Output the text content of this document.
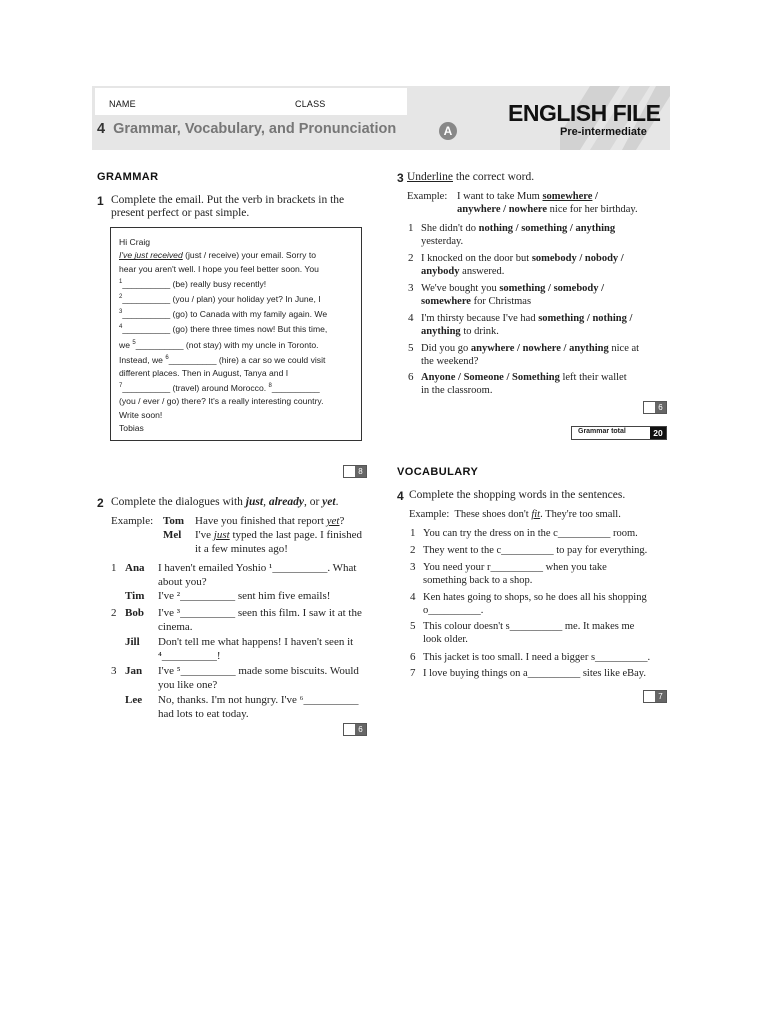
NAME	CLASS
4 Grammar, Vocabulary, and Pronunciation	A
ENGLISH FILE
Pre-intermediate
GRAMMAR
1 Complete the email. Put the verb in brackets in the
present perfect or past simple.
Hi Craig
I've just received (just / receive) your email. Sorry to
hear you aren't well. I hope you feel better soon. You
$^1$__________ (be) really busy recently!
$^2$__________ (you / plan) your holiday yet? In June, I
$^3$__________ (go) to Canada with my family again. We
$^4$__________ (go) there three times now! But this time,
we $^5$__________ (not stay) with my uncle in Toronto.
Instead, we $^6$__________ (hire) a car so we could visit
different places. Then in August, Tanya and I
$^7$__________ (travel) around Morocco. $^8$__________
(you / ever / go) there? It's a really interesting country.
Write soon!
Tobias
8
2 Complete the dialogues with just, already, or yet.
Example: Tom Have you finished that report yet?
Mel I've just typed the last page. I finished
it a few minutes ago!
1 Ana I haven't emailed Yoshio ¹__________. What
about you?
Tim I've ²__________ sent him five emails!
2 Bob I've ³__________ seen this film. I saw it at the
cinema.
Jill Don't tell me what happens! I haven't seen it
⁴__________!
3 Jan I've ⁵__________ made some biscuits. Would
you like one?
Lee No, thanks. I'm not hungry. I've ⁶__________
had lots to eat today.
6
3 Underline the correct word.
Example: I want to take Mum somewhere /
anywhere / nowhere nice for her birthday.
1 She didn't do nothing / something / anything
yesterday.
2 I knocked on the door but somebody / nobody /
anybody answered.
3 We've bought you something / somebody /
somewhere for Christmas
4 I'm thirsty because I've had something / nothing /
anything to drink.
5 Did you go anywhere / nowhere / anything nice at
the weekend?
6 Anyone / Someone / Something left their wallet
in the classroom.
6
Grammar total	20
VOCABULARY
4 Complete the shopping words in the sentences.
Example: These shoes don't fit. They're too small.
1 You can try the dress on in the c__________ room.
2 They went to the c__________ to pay for everything.
3 You need your r__________ when you take
something back to a shop.
4 Ken hates going to shops, so he does all his shopping
o__________.
5 This colour doesn't s__________ me. It makes me
look older.
6 This jacket is too small. I need a bigger s__________.
7 I love buying things on a__________ sites like eBay.
7
